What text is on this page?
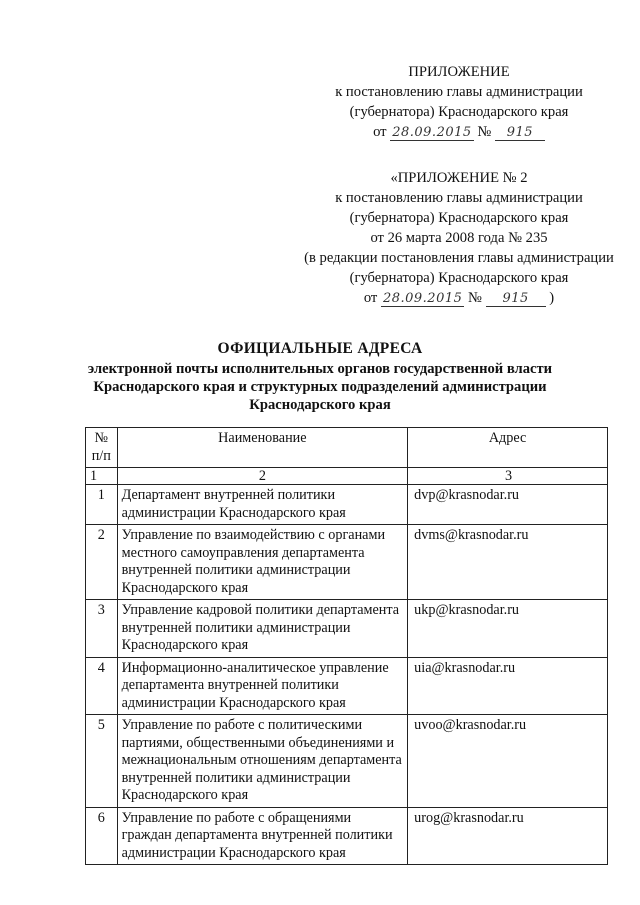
ПРИЛОЖЕНИЕ
к постановлению главы администрации
(губернатора) Краснодарского края
от 28.09.2015 № 915
«ПРИЛОЖЕНИЕ № 2
к постановлению главы администрации
(губернатора) Краснодарского края
от 26 марта 2008 года № 235
(в редакции постановления главы администрации
(губернатора) Краснодарского края
от 28.09.2015 № 915 )
ОФИЦИАЛЬНЫЕ АДРЕСА
электронной почты исполнительных органов государственной власти
Краснодарского края и структурных подразделений администрации
Краснодарского края
№
п/п	Наименование	Адрес
1	2	3
1	Департамент внутренней политики администрации Краснодарского края	dvp@krasnodar.ru
2	Управление по взаимодействию с органами местного самоуправления департамента внутренней политики администрации Краснодарского края	dvms@krasnodar.ru
3	Управление кадровой политики департамента внутренней политики администрации Краснодарского края	ukp@krasnodar.ru
4	Информационно-аналитическое управление департамента внутренней политики администрации Краснодарского края	uia@krasnodar.ru
5	Управление по работе с политическими партиями, общественными объединениями и межнациональным отношениям департамента внутренней политики администрации Краснодарского края	uvoo@krasnodar.ru
6	Управление по работе с обращениями граждан департамента внутренней политики администрации Краснодарского края	urog@krasnodar.ru
